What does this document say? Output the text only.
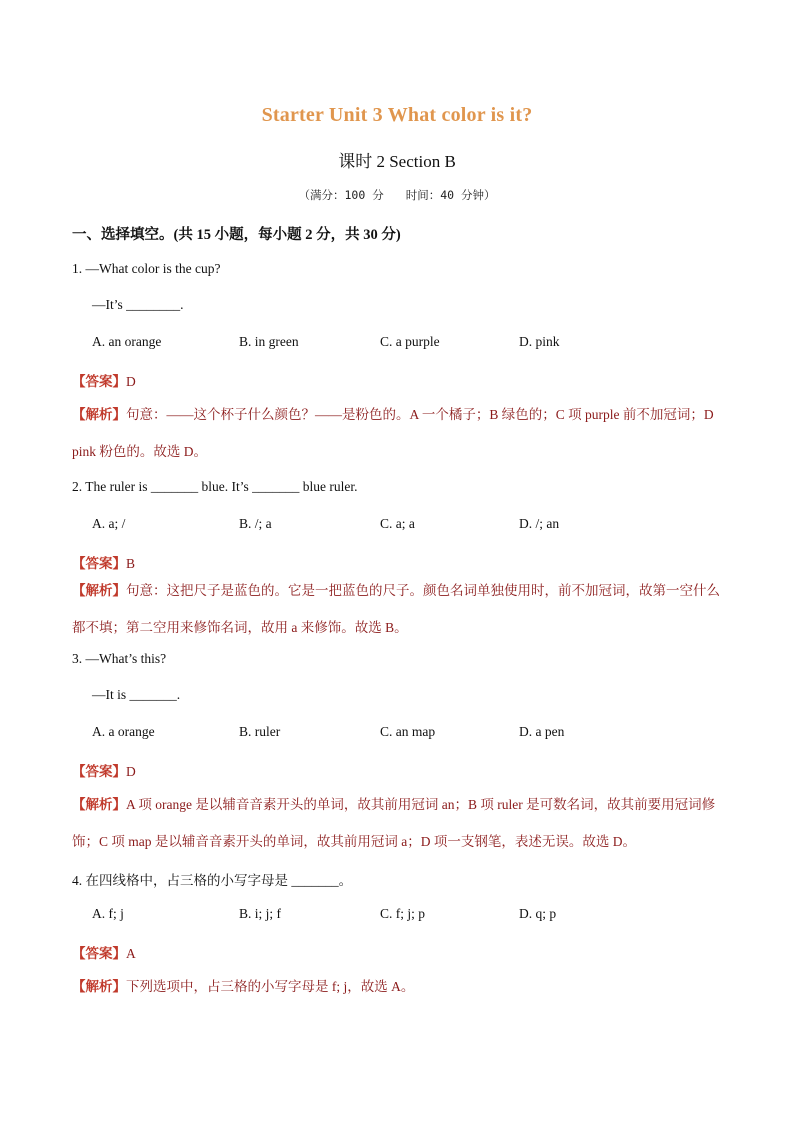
Starter Unit 3 What color is it?
课时 2 Section B
（满分：100 分 时间：40 分钟）
一、选择填空。(共 15 小题，每小题 2 分，共 30 分)
1. —What color is the cup?
—It’s ________.
A. an orange	B. in green	C. a purple	D. pink
【答案】D
【解析】句意：——这个杯子什么颜色？——是粉色的。A 一个橘子；B 绿色的；C 项 purple 前不加冠词；D pink 粉色的。故选 D。
2. The ruler is _______ blue. It’s _______ blue ruler.
A. a; /	B. /; a	C. a; a	D. /; an
【答案】B
【解析】句意：这把尺子是蓝色的。它是一把蓝色的尺子。颜色名词单独使用时，前不加冠词，故第一空什么都不填；第二空用来修饰名词，故用 a 来修饰。故选 B。
3. —What’s this?
—It is _______.
A. a orange	B. ruler	C. an map	D. a pen
【答案】D
【解析】A 项 orange 是以辅音音素开头的单词，故其前用冠词 an；B 项 ruler 是可数名词，故其前要用冠词修饰；C 项 map 是以辅音音素开头的单词，故其前用冠词 a；D 项一支钢笔，表述无误。故选 D。
4. 在四线格中，占三格的小写字母是 _______。
A. f; j	B. i; j; f	C. f; j; p	D. q; p
【答案】A
【解析】下列选项中，占三格的小写字母是 f; j，故选 A。
